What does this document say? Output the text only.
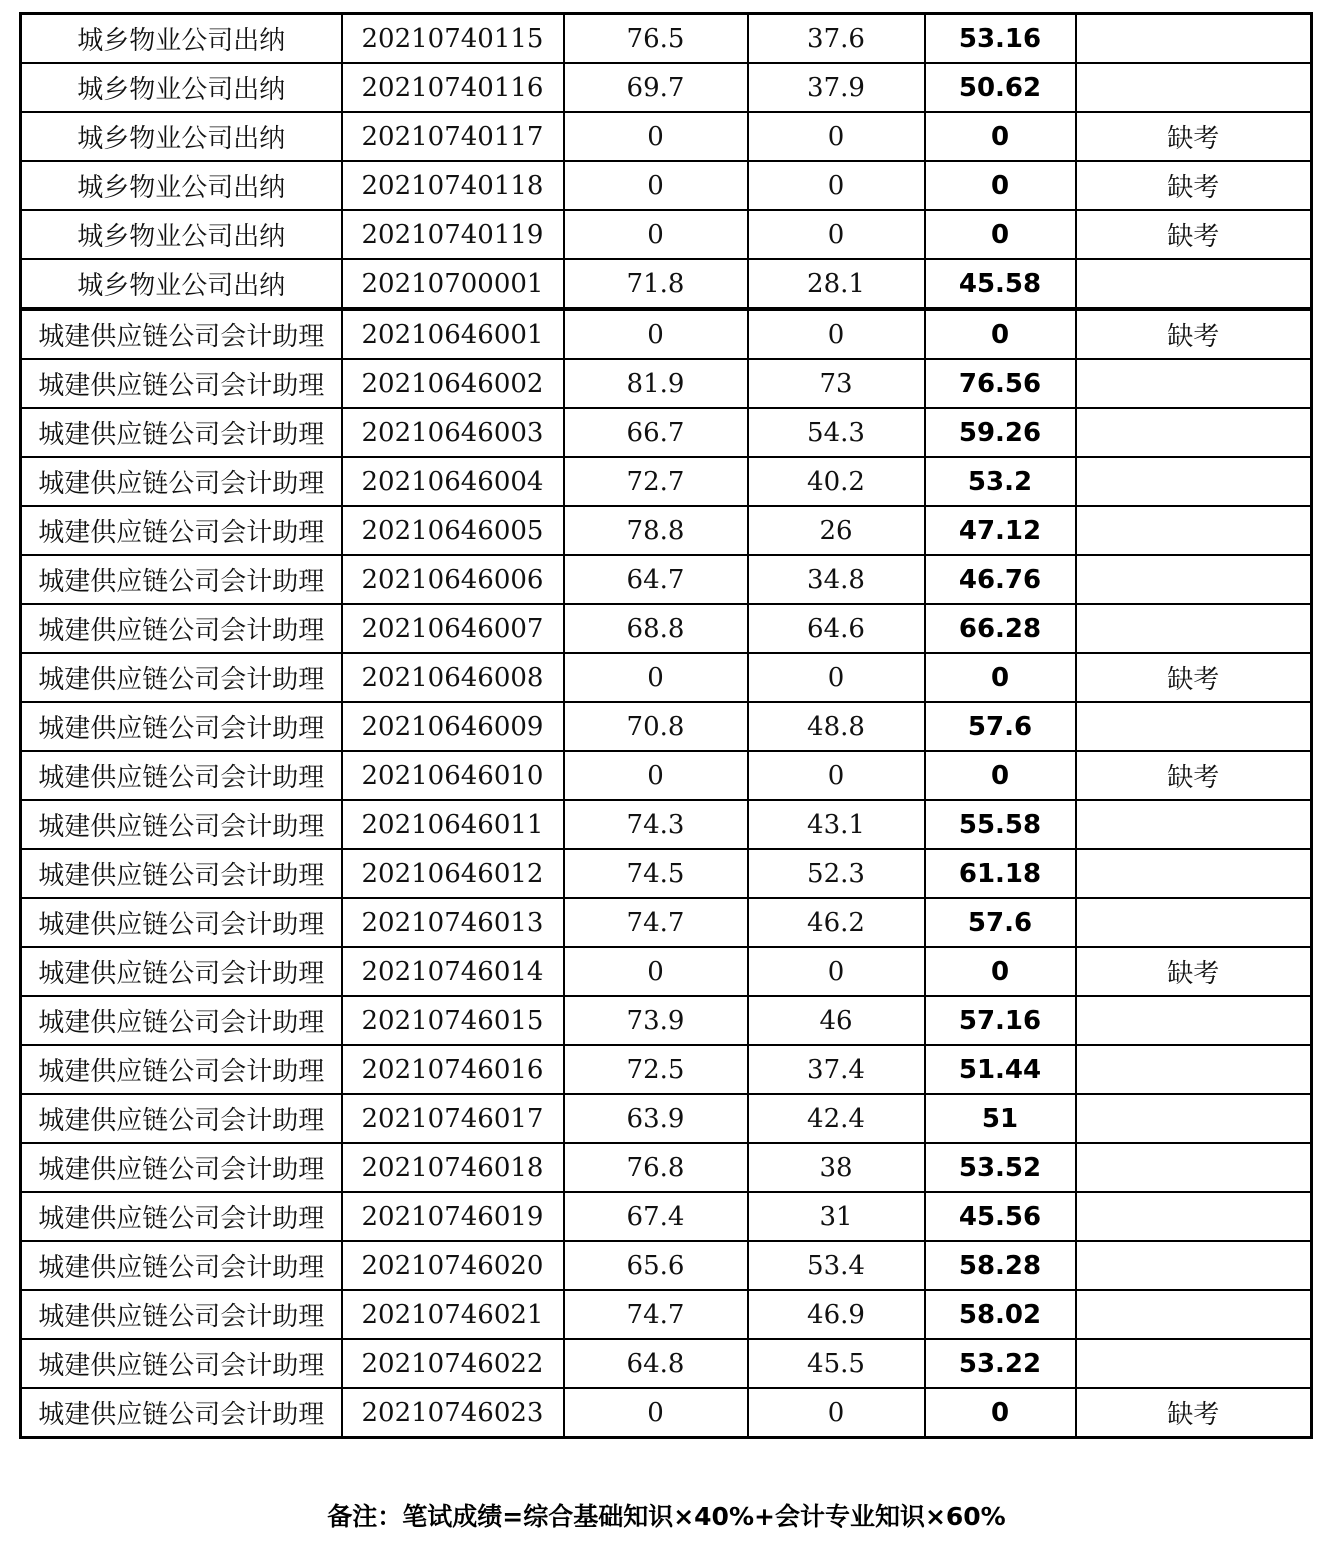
城乡物业公司出纳	20210740115	76.5	37.6	53.16	
城乡物业公司出纳	20210740116	69.7	37.9	50.62	
城乡物业公司出纳	20210740117	0	0	0	缺考
城乡物业公司出纳	20210740118	0	0	0	缺考
城乡物业公司出纳	20210740119	0	0	0	缺考
城乡物业公司出纳	20210700001	71.8	28.1	45.58	
城建供应链公司会计助理	20210646001	0	0	0	缺考
城建供应链公司会计助理	20210646002	81.9	73	76.56	
城建供应链公司会计助理	20210646003	66.7	54.3	59.26	
城建供应链公司会计助理	20210646004	72.7	40.2	53.2	
城建供应链公司会计助理	20210646005	78.8	26	47.12	
城建供应链公司会计助理	20210646006	64.7	34.8	46.76	
城建供应链公司会计助理	20210646007	68.8	64.6	66.28	
城建供应链公司会计助理	20210646008	0	0	0	缺考
城建供应链公司会计助理	20210646009	70.8	48.8	57.6	
城建供应链公司会计助理	20210646010	0	0	0	缺考
城建供应链公司会计助理	20210646011	74.3	43.1	55.58	
城建供应链公司会计助理	20210646012	74.5	52.3	61.18	
城建供应链公司会计助理	20210746013	74.7	46.2	57.6	
城建供应链公司会计助理	20210746014	0	0	0	缺考
城建供应链公司会计助理	20210746015	73.9	46	57.16	
城建供应链公司会计助理	20210746016	72.5	37.4	51.44	
城建供应链公司会计助理	20210746017	63.9	42.4	51	
城建供应链公司会计助理	20210746018	76.8	38	53.52	
城建供应链公司会计助理	20210746019	67.4	31	45.56	
城建供应链公司会计助理	20210746020	65.6	53.4	58.28	
城建供应链公司会计助理	20210746021	74.7	46.9	58.02	
城建供应链公司会计助理	20210746022	64.8	45.5	53.22	
城建供应链公司会计助理	20210746023	0	0	0	缺考
备注：笔试成绩=综合基础知识×40%+会计专业知识×60%
